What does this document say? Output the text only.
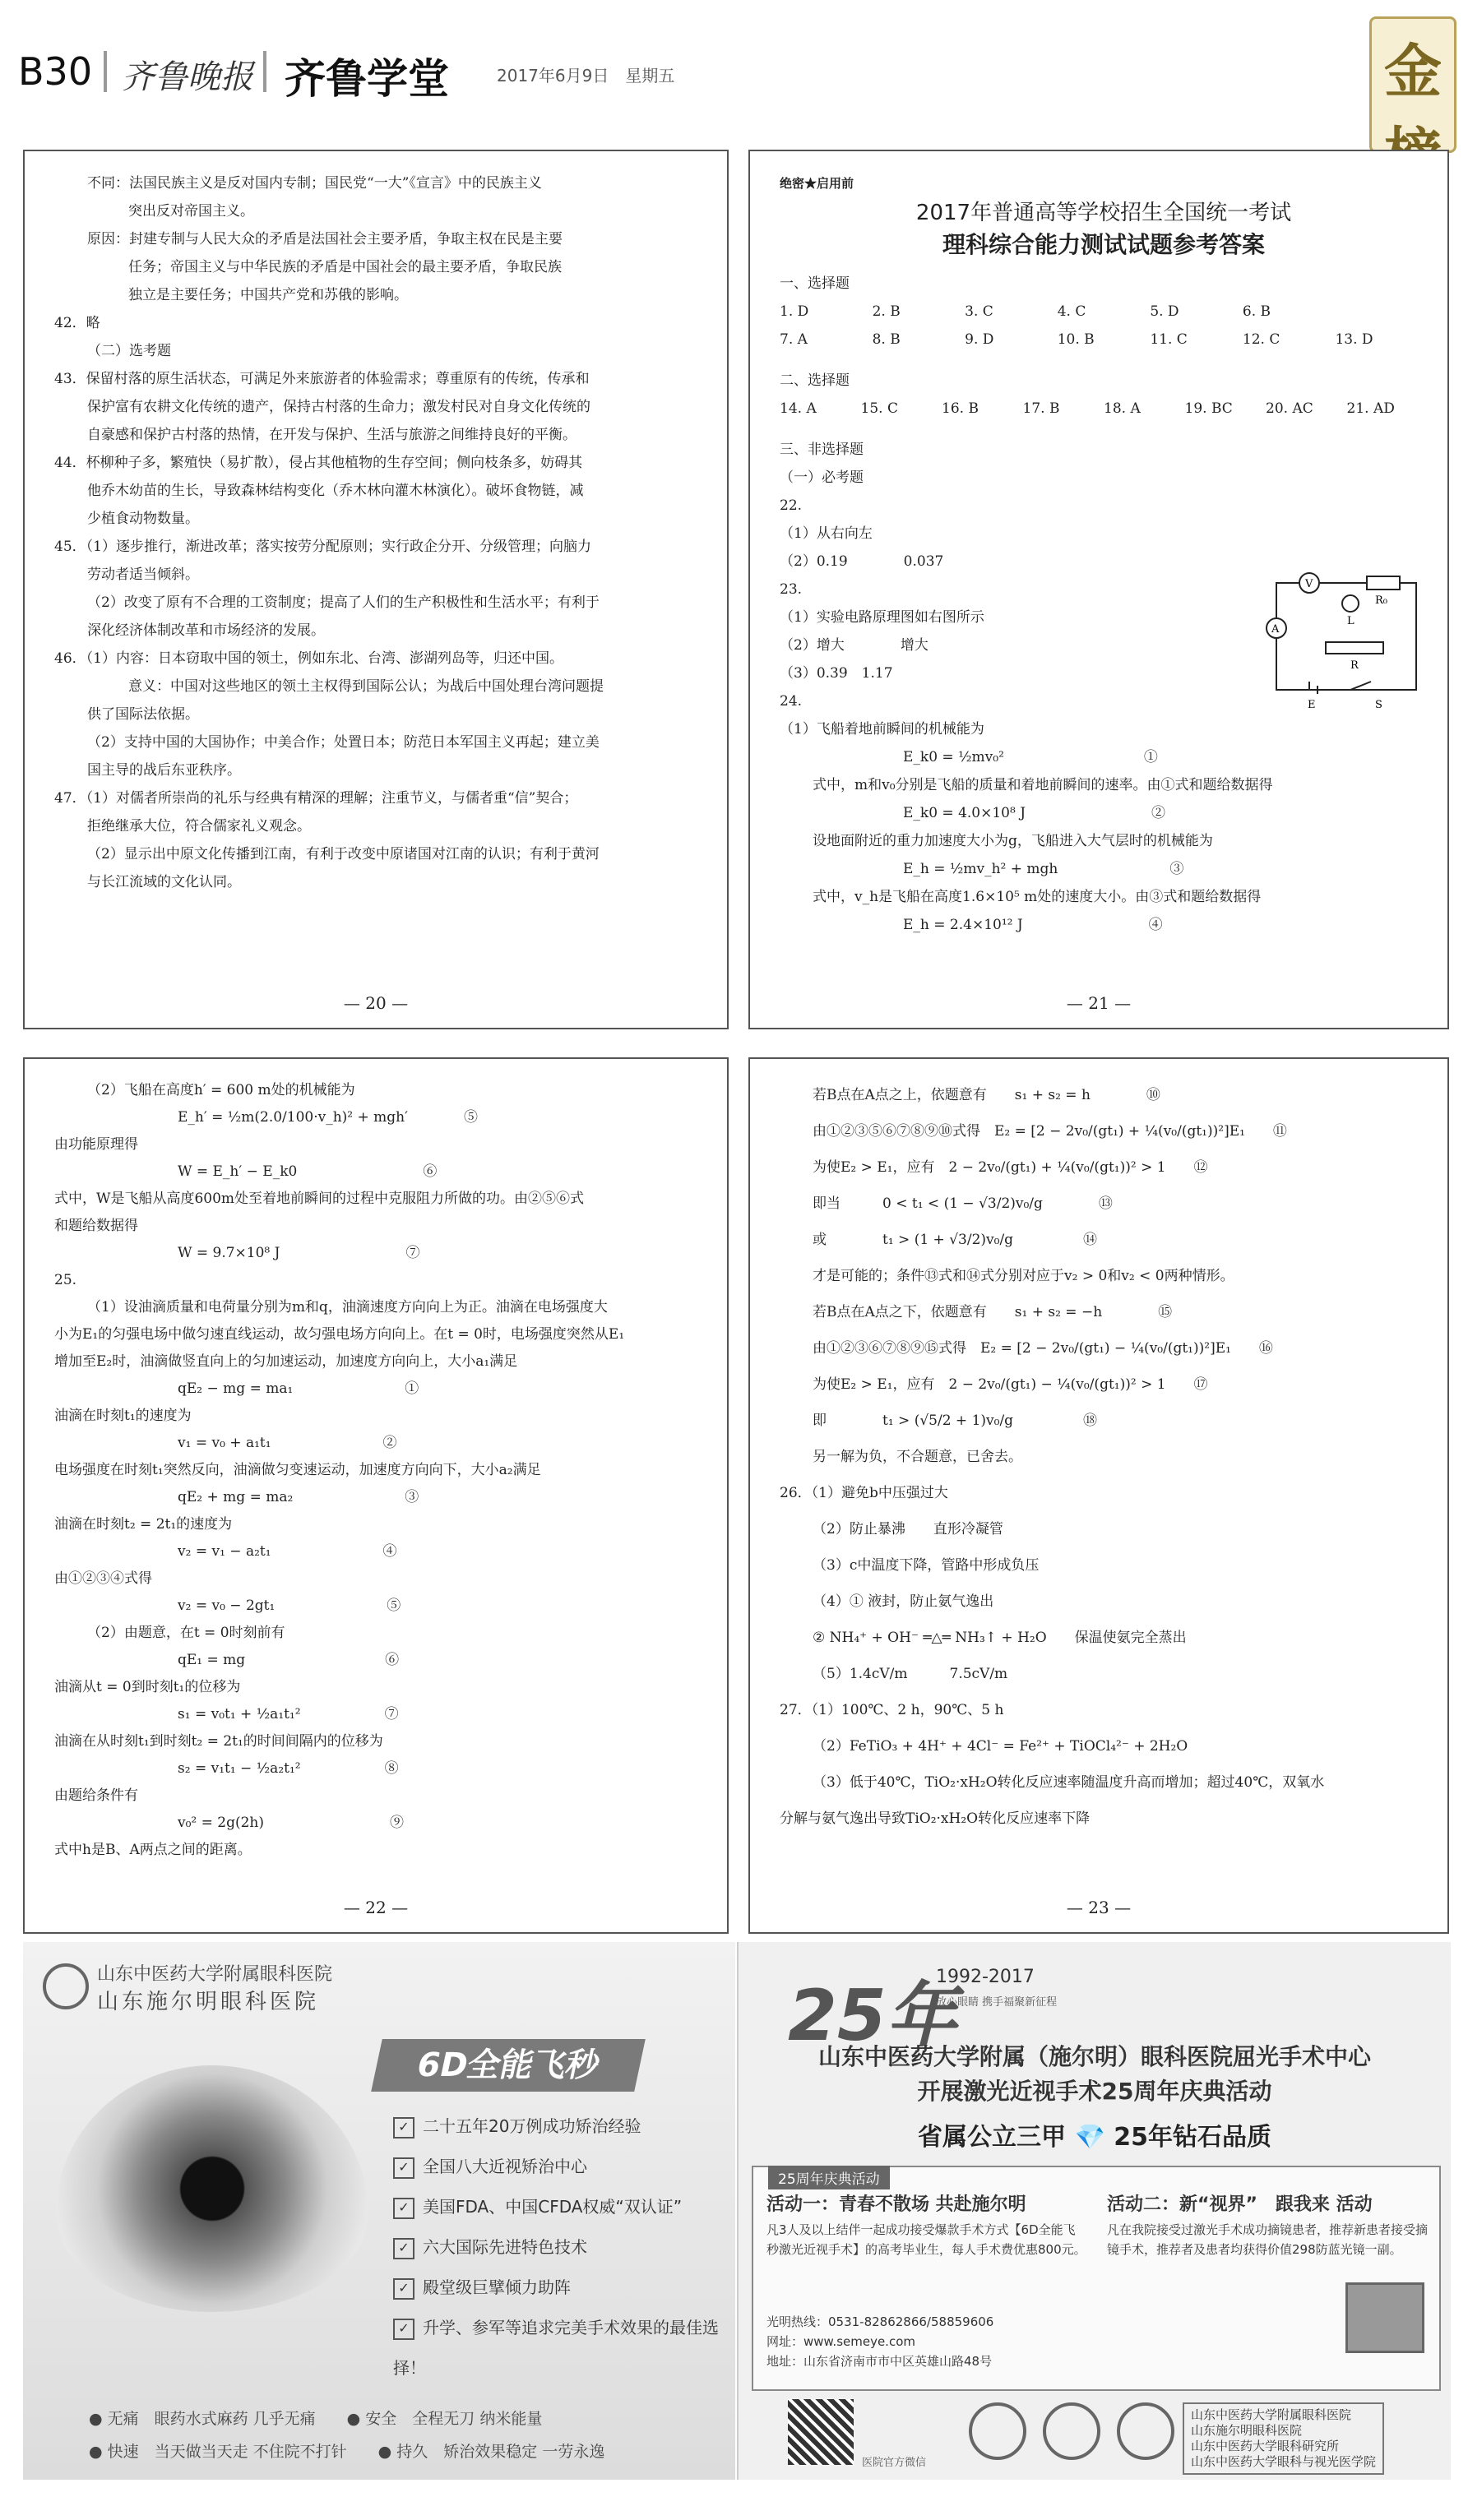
B30 齐鲁晚报 齐鲁学堂	2017年6月9日　 星期五	金
不同：法国民族主义是反对国内专制；国民党“一大”《宣言》中的民族主义
突出反对帝国主义。
原因：封建专制与人民大众的矛盾是法国社会主要矛盾，争取主权在民是主要
任务；帝国主义与中华民族的矛盾是中国社会的最主要矛盾，争取民族
独立是主要任务；中国共产党和苏俄的影响。
42．略
（二）选考题
43．保留村落的原生活状态，可满足外来旅游者的体验需求；尊重原有的传统，传承和
保护富有农耕文化传统的遗产，保持古村落的生命力；激发村民对自身文化传统的
自豪感和保护古村落的热情，在开发与保护、生活与旅游之间维持良好的平衡。
44．杯柳种子多，繁殖快（易扩散），侵占其他植物的生存空间；侧向枝条多，妨碍其
他乔木幼苗的生长，导致森林结构变化（乔木林向灌木林演化）。破坏食物链，减
少植食动物数量。
45．（1）逐步推行，渐进改革；落实按劳分配原则；实行政企分开、分级管理；向脑力
劳动者适当倾斜。
（2）改变了原有不合理的工资制度；提高了人们的生产积极性和生活水平；有利于
深化经济体制改革和市场经济的发展。
46．（1）内容：日本窃取中国的领土，例如东北、台湾、澎湖列岛等，归还中国。
意义：中国对这些地区的领土主权得到国际公认；为战后中国处理台湾问题提
供了国际法依据。
（2）支持中国的大国协作；中美合作；处置日本；防范日本军国主义再起；建立美
国主导的战后东亚秩序。
47．（1）对儒者所崇尚的礼乐与经典有精深的理解；注重节义，与儒者重“信”契合；
拒绝继承大位，符合儒家礼义观念。
（2）显示出中原文化传播到江南，有利于改变中原诸国对江南的认识；有利于黄河
与长江流域的文化认同。
— 20 —
绝密★启用前
2017年普通高等学校招生全国统一考试
理科综合能力测试试题参考答案
一、选择题
1. D	2. B	3. C	4. C	5. D	6. B
7. A	8. B	9. D	10. B	11. C	12. C	13. D
二、选择题
14. A	15. C	16. B	17. B	18. A	19. BC	20. AC	21. AD
三、非选择题
（一）必考题
22.
（1）从右向左
（2）0.19　　　　0.037
23.
（1）实验电路原理图如右图所示
（2）增大　　　　增大
（3）0.39　1.17
24.
（1）飞船着地前瞬间的机械能为
E_k0 = ½mv₀²　　　　　　　　　　①
式中，m和v₀分别是飞船的质量和着地前瞬间的速率。由①式和题给数据得
E_k0 = 4.0×10⁸ J　　　　　　　　　②
设地面附近的重力加速度大小为g，飞船进入大气层时的机械能为
E_h = ½mv_h² + mgh　　　　　　　　③
式中，v_h是飞船在高度1.6×10⁵ m处的速度大小。由③式和题给数据得
E_h = 2.4×10¹² J　　　　　　　　　④
V
A
R₀
L
R
E	S
— 21 —
（2）飞船在高度h′ = 600 m处的机械能为
E_h′ = ½m(2.0/100·v_h)² + mgh′　　　　⑤
由功能原理得
W = E_h′ − E_k0　　　　　　　　　⑥
式中，W是飞船从高度600m处至着地前瞬间的过程中克服阻力所做的功。由②⑤⑥式
和题给数据得
W = 9.7×10⁸ J　　　　　　　　　⑦
25.
（1）设油滴质量和电荷量分别为m和q，油滴速度方向向上为正。油滴在电场强度大
小为E₁的匀强电场中做匀速直线运动，故匀强电场方向向上。在t = 0时，电场强度突然从E₁
增加至E₂时，油滴做竖直向上的匀加速运动，加速度方向向上，大小a₁满足
qE₂ − mg = ma₁　　　　　　　　①
油滴在时刻t₁的速度为
v₁ = v₀ + a₁t₁　　　　　　　　②
电场强度在时刻t₁突然反向，油滴做匀变速运动，加速度方向向下，大小a₂满足
qE₂ + mg = ma₂　　　　　　　　③
油滴在时刻t₂ = 2t₁的速度为
v₂ = v₁ − a₂t₁　　　　　　　　④
由①②③④式得
v₂ = v₀ − 2gt₁　　　　　　　　⑤
（2）由题意，在t = 0时刻前有
qE₁ = mg　　　　　　　　　　⑥
油滴从t = 0到时刻t₁的位移为
s₁ = v₀t₁ + ½a₁t₁²　　　　　　⑦
油滴在从时刻t₁到时刻t₂ = 2t₁的时间间隔内的位移为
s₂ = v₁t₁ − ½a₂t₁²　　　　　　⑧
由题给条件有
v₀² = 2g(2h)　　　　　　　　　⑨
式中h是B、A两点之间的距离。
— 22 —
若B点在A点之上，依题意有　　s₁ + s₂ = h　　　　⑩
由①②③⑤⑥⑦⑧⑨⑩式得　E₂ = [2 − 2v₀/(gt₁) + ¼(v₀/(gt₁))²]E₁　　⑪
为使E₂ > E₁，应有　2 − 2v₀/(gt₁) + ¼(v₀/(gt₁))² > 1　　⑫
即当　　　0 < t₁ < (1 − √3/2)v₀/g　　　　⑬
或　　　　t₁ > (1 + √3/2)v₀/g　　　　　⑭
才是可能的；条件⑬式和⑭式分别对应于v₂ > 0和v₂ < 0两种情形。
若B点在A点之下，依题意有　　s₁ + s₂ = −h　　　　⑮
由①②③⑥⑦⑧⑨⑮式得　E₂ = [2 − 2v₀/(gt₁) − ¼(v₀/(gt₁))²]E₁　　⑯
为使E₂ > E₁，应有　2 − 2v₀/(gt₁) − ¼(v₀/(gt₁))² > 1　　⑰
即　　　　t₁ > (√5/2 + 1)v₀/g　　　　　⑱
另一解为负，不合题意，已舍去。
26．（1）避免b中压强过大
（2）防止暴沸　　直形冷凝管
（3）c中温度下降，管路中形成负压
（4）① 液封，防止氨气逸出
② NH₄⁺ + OH⁻ ═△═ NH₃↑ + H₂O　　保温使氨完全蒸出
（5）1.4cV/m　　　7.5cV/m
27．（1）100℃、2 h，90℃、5 h
（2）FeTiO₃ + 4H⁺ + 4Cl⁻ = Fe²⁺ + TiOCl₄²⁻ + 2H₂O
（3）低于40℃，TiO₂·xH₂O转化反应速率随温度升高而增加；超过40℃，双氧水
分解与氨气逸出导致TiO₂·xH₂O转化反应速率下降
— 23 —
山东中医药大学附属眼科医院
山东施尔明眼科医院
6D全能飞秒
✓ 二十五年20万例成功矫治经验
✓ 全国八大近视矫治中心
✓ 美国FDA、中国CFDA权威“双认证”
✓ 六大国际先进特色技术
✓ 殿堂级巨擘倾力助阵
✓ 升学、参军等追求完美手术效果的最佳选择！
● 无痛　眼药水式麻药 几乎无痛　　● 安全　全程无刀 纳米能量
● 快速　当天做当天走 不住院不打针　　● 持久　矫治效果稳定 一劳永逸
25年
1992-2017
放心眼睛 携手福聚新征程
山东中医药大学附属（施尔明）眼科医院屈光手术中心
开展激光近视手术25周年庆典活动
省属公立三甲 💎 25年钻石品质
25周年庆典活动
活动一：青春不散场 共赴施尔明
凡3人及以上结伴一起成功接受爆款手术方式【6D全能飞秒激光近视手术】的高考毕业生，每人手术费优惠800元。
活动二：新“视界”　跟我来 活动
凡在我院接受过激光手术成功摘镜患者，推荐新患者接受摘镜手术，推荐者及患者均获得价值298防蓝光镜一副。
光明热线：0531-82862866/58859606
网址：www.semeye.com
地址：山东省济南市市中区英雄山路48号
医院官方微信
山东中医药大学附属眼科医院
山东施尔明眼科医院
山东中医药大学眼科研究所
山东中医药大学眼科与视光医学院
